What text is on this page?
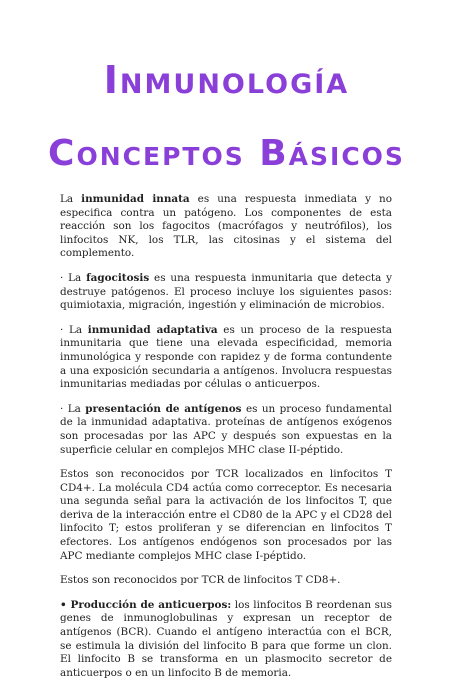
Inmunología
Conceptos Básicos

La inmunidad innata es una respuesta inmediata y no especifica contra un patógeno. Los componentes de esta reacción son los fagocitos (macrófagos y neutrófilos), los linfocitos NK, los TLR, las citosinas y el sistema del complemento.

· La fagocitosis es una respuesta inmunitaria que detecta y destruye patógenos. El proceso incluye los siguientes pasos: quimiotaxia, migración, ingestión y eliminación de microbios.

· La inmunidad adaptativa es un proceso de la respuesta inmunitaria que tiene una elevada especificidad, memoria inmunológica y responde con rapidez y de forma contundente a una exposición secundaria a antígenos. Involucra respuestas inmunitarias mediadas por células o anticuerpos.

· La presentación de antígenos es un proceso fundamental de la inmunidad adaptativa. proteínas de antígenos exógenos son procesadas por las APC y después son expuestas en la superficie celular en complejos MHC clase II-péptido.

Estos son reconocidos por TCR localizados en linfocitos T CD4+. La molécula CD4 actúa como correceptor. Es necesaria una segunda señal para la activación de los linfocitos T, que deriva de la interacción entre el CD80 de la APC y el CD28 del linfocito T; estos proliferan y se diferencian en linfocitos T efectores. Los antígenos endógenos son procesados por las APC mediante complejos MHC clase I-péptido.

Estos son reconocidos por TCR de linfocitos T CD8+.

• Producción de anticuerpos: los linfocitos B reordenan sus genes de inmunoglobulinas y expresan un receptor de antígenos (BCR). Cuando el antígeno interactúa con el BCR, se estimula la división del linfocito B para que forme un clon. El linfocito B se transforma en un plasmocito secretor de anticuerpos o en un linfocito B de memoria.
